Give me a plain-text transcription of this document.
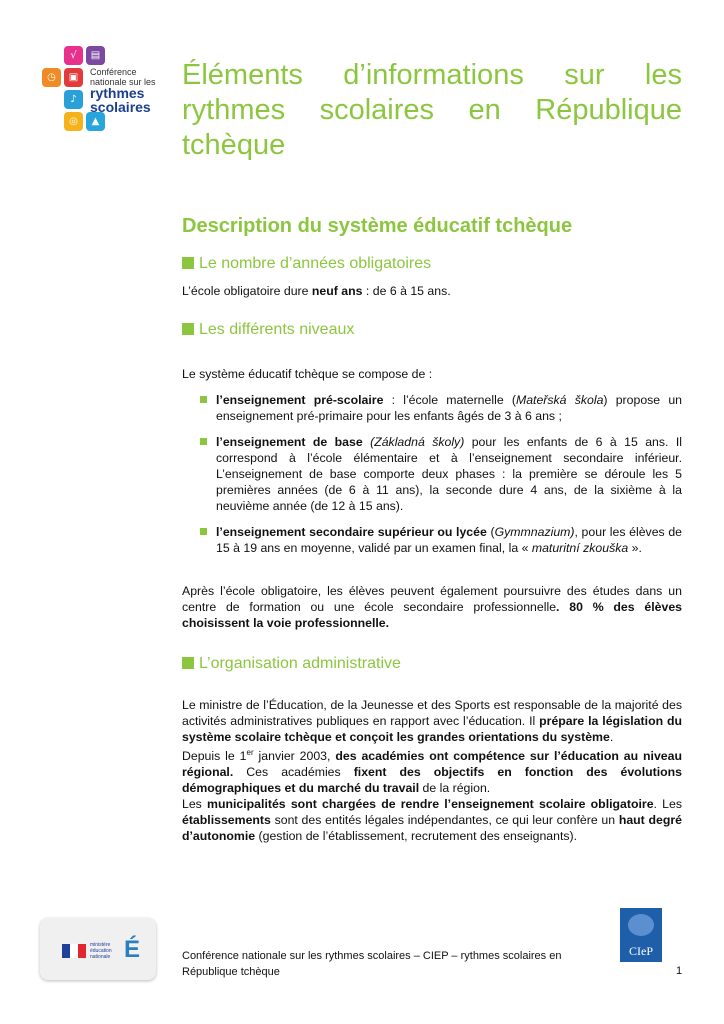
√	▤
◷	▣
♪
◎	▲
Conférence
nationale sur les
rythmes
scolaires
Éléments d’informations sur les
rythmes scolaires en République
tchèque
Description du système éducatif tchèque
Le nombre d’années obligatoires

L’école obligatoire dure neuf ans : de 6 à 15 ans.

Les différents niveaux

Le système éducatif tchèque se compose de :

l’enseignement pré-scolaire : l’école maternelle (Mateřská škola) propose un enseignement pré-primaire pour les enfants âgés de 3 à 6 ans ;
l’enseignement de base (Základná školy) pour les enfants de 6 à 15 ans. Il correspond à l’école élémentaire et à l’enseignement secondaire inférieur. L’enseignement de base comporte deux phases : la première se déroule les 5 premières années (de 6 à 11 ans), la seconde dure 4 ans, de la sixième à la neuvième année (de 12 à 15 ans).
l’enseignement secondaire supérieur ou lycée (Gymmnazium), pour les élèves de 15 à 19 ans en moyenne, validé par un examen final, la « maturitní zkouška ».

Après l’école obligatoire, les élèves peuvent également poursuivre des études dans un centre de formation ou une école secondaire professionnelle. 80 % des élèves choisissent la voie professionnelle.

L’organisation administrative
Le ministre de l’Éducation, de la Jeunesse et des Sports est responsable de la majorité des activités administratives publiques en rapport avec l’éducation. Il prépare la législation du système scolaire tchèque et conçoit les grandes orientations du système.
Depuis le 1er janvier 2003, des académies ont compétence sur l’éducation au niveau régional. Ces académies fixent des objectifs en fonction des évolutions démographiques et du marché du travail de la région.
Les municipalités sont chargées de rendre l’enseignement scolaire obligatoire. Les établissements sont des entités légales indépendantes, ce qui leur confère un haut degré d’autonomie (gestion de l’établissement, recrutement des enseignants).
ministère éducation nationale É	Conférence nationale sur les rythmes scolaires – CIEP – rythmes scolaires en
République tchèque	1
CIeP
